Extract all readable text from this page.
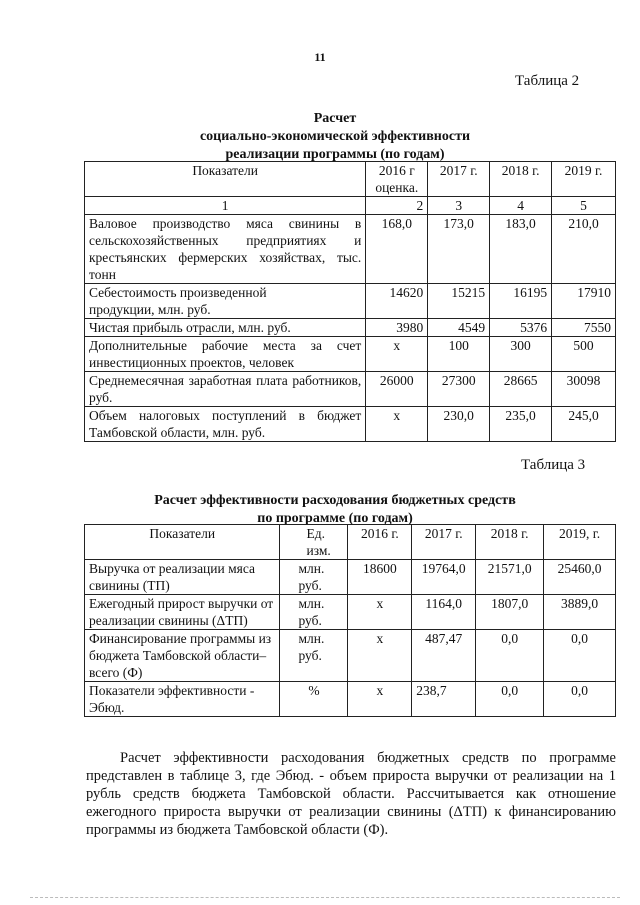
11
Таблица 2
Расчет
социально-экономической эффективности
реализации программы (по годам)
Показатели	2016 г оценка.	2017 г.	2018 г.	2019 г.
1	2	3	4	5
Валовое производство мяса свинины в сельскохозяйственных предприятиях и крестьянских фермерских хозяйствах, тыс. тонн	168,0	173,0	183,0	210,0
Себестоимость произведенной продукции, млн. руб.	14620	15215	16195	17910
Чистая прибыль отрасли, млн. руб.	3980	4549	5376	7550
Дополнительные рабочие места за счет инвестиционных проектов, человек	х	100	300	500
Среднемесячная заработная плата работников, руб.	26000	27300	28665	30098
Объем налоговых поступлений в бюджет Тамбовской области, млн. руб.	х	230,0	235,0	245,0
Таблица 3
Расчет эффективности расходования бюджетных средств
по программе (по годам)
Показатели	Ед. изм.	2016 г.	2017 г.	2018 г.	2019, г.
Выручка от реализации мяса свинины (ТП)	млн. руб.	18600	19764,0	21571,0	25460,0
Ежегодный прирост выручки от реализации свинины (ΔТП)	млн. руб.	х	1164,0	1807,0	3889,0
Финансирование программы из бюджета Тамбовской области– всего (Ф)	млн. руб.	х	487,47	0,0	0,0
Показатели эффективности - Эбюд.	%	х	238,7	0,0	0,0
Расчет эффективности расходования бюджетных средств по программе представлен в таблице 3, где Эбюд. - объем прироста выручки от реализации на 1 рубль средств бюджета Тамбовской области. Рассчитывается как отношение ежегодного прироста выручки от реализации свинины (ΔТП) к финансированию программы из бюджета Тамбовской области (Ф).
